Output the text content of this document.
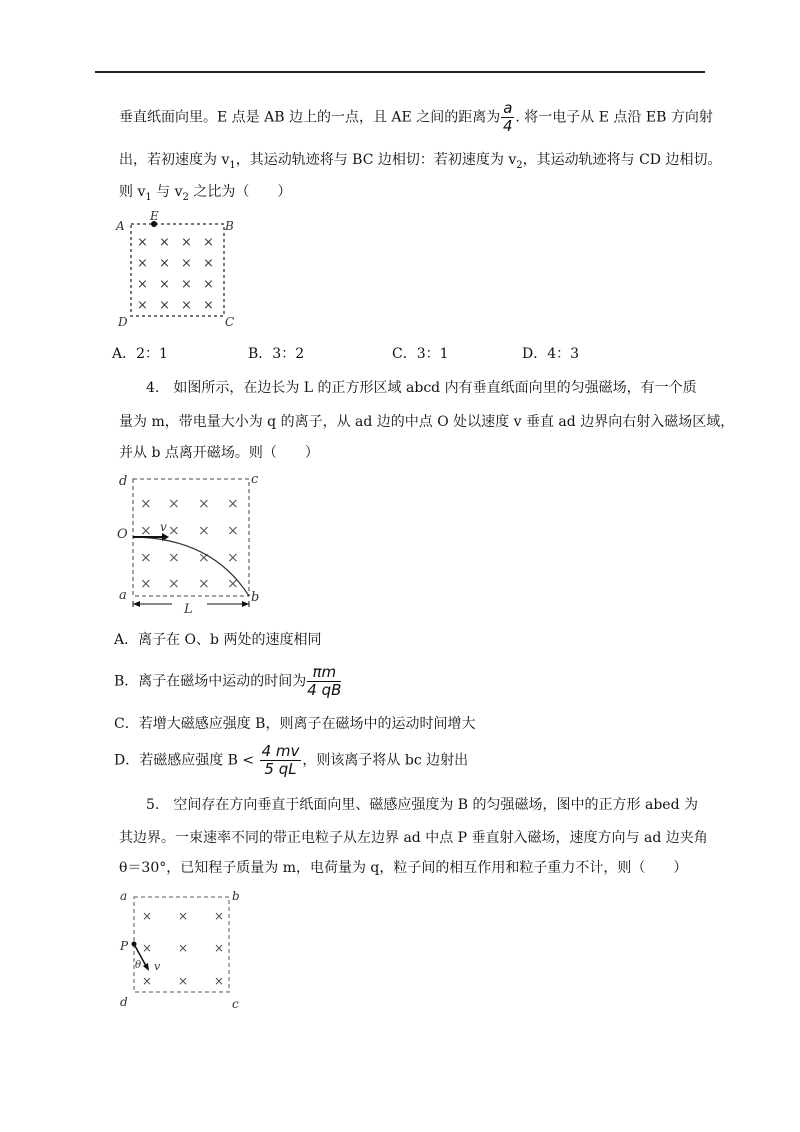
垂直纸面向里。E 点是 AB 边上的一点，且 AE 之间的距离为 $\frac{a}{4}$ . 将一电子从 E 点沿 EB 方向射
出，若初速度为 $v_1$，其运动轨迹将与 BC 边相切：若初速度为 $v_2$，其运动轨迹将与 CD 边相切。
则 $v_1$ 与 $v_2$ 之比为（　　）
A	B
C
D
E
× × × ×
× × × ×
× × × ×
× × × ×
A．2：1	B．3：2	C．3：1	D．4：3
4.　如图所示，在边长为 L 的正方形区域 abcd 内有垂直纸面向里的匀强磁场，有一个质
量为 m，带电量大小为 q 的离子，从 ad 边的中点 O 处以速度 v 垂直 ad 边界向右射入磁场区域，
并从 b 点离开磁场。则（　　）
d	c
O
a	b
v
L
× × × ×
× × × ×
× × × ×
× × × ×
A．离子在 O、b 两处的速度相同
B．离子在磁场中运动的时间为 $\frac{\pi m}{4 qB}$
C．若增大磁感应强度 B，则离子在磁场中的运动时间增大
D．若磁感应强度 $B < \frac{4 mv}{5 qL}$ ，则该离子将从 bc 边射出
5.　空间存在方向垂直于纸面向里、磁感应强度为 B 的匀强磁场，图中的正方形 abed 为
其边界。一束速率不同的带正电粒子从左边界 ad 中点 P 垂直射入磁场，速度方向与 ad 边夹角
θ＝30°，已知程子质量为 m，电荷量为 q，粒子间的相互作用和粒子重力不计，则（　　）
a	b
d	c
P
θ v
× × ×
× × ×
× × ×
